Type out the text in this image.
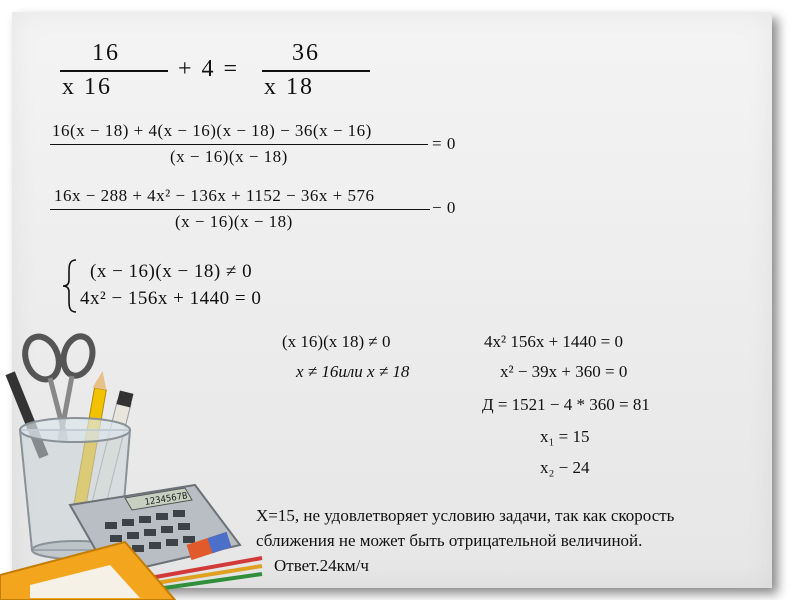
16
x 16
+ 4 =
36
x 18
16(x − 18) + 4(x − 16)(x − 18) − 36(x − 16)
(x − 16)(x − 18)
= 0
16x − 288 + 4x² − 136x + 1152 − 36x + 576
(x − 16)(x − 18)
− 0
(x − 16)(x − 18) ≠ 0
4x² − 156x + 1440 = 0
(x 16)(x 18) ≠ 0
x ≠ 16или x ≠ 18
4x² 156x + 1440 = 0
x² − 39x + 360 = 0
Д = 1521 − 4 * 360 = 81
x₁ = 15
x₂ − 24
X=15, не удовлетворяет условию задачи, так как скорость
сближения не может быть отрицательной величиной.
Ответ.24км/ч
1234567B
